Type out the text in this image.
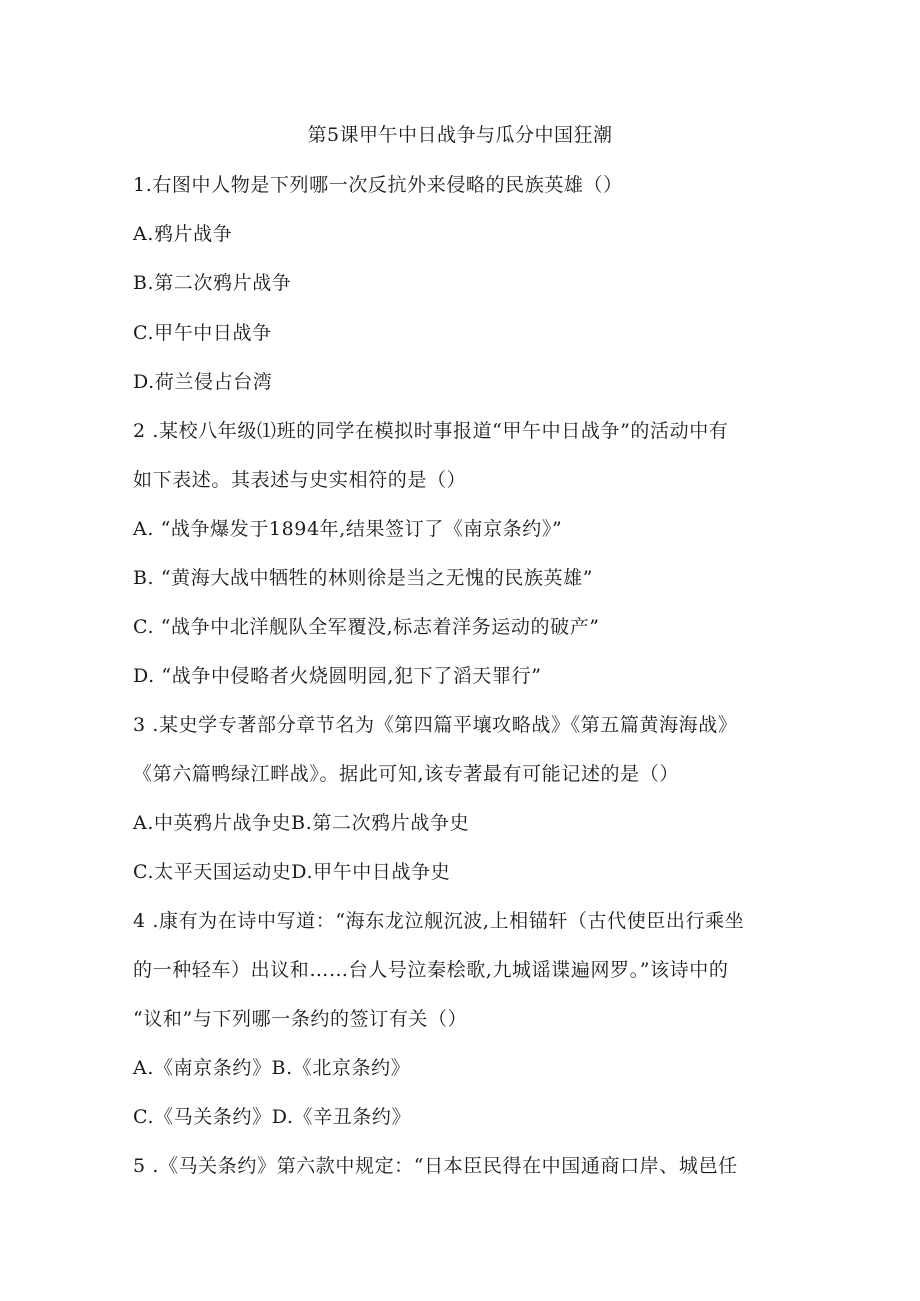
第5课甲午中日战争与瓜分中国狂潮
1.右图中人物是下列哪一次反抗外来侵略的民族英雄（）
A.鸦片战争
B.第二次鸦片战争
C.甲午中日战争
D.荷兰侵占台湾
2 .某校八年级⑴班的同学在模拟时事报道“甲午中日战争”的活动中有
如下表述。其表述与史实相符的是（）
A. “战争爆发于1894年,结果签订了《南京条约》”
B. “黄海大战中牺牲的林则徐是当之无愧的民族英雄”
C. “战争中北洋舰队全军覆没,标志着洋务运动的破产”
D. “战争中侵略者火烧圆明园,犯下了滔天罪行”
3 .某史学专著部分章节名为《第四篇平壤攻略战》《第五篇黄海海战》
《第六篇鸭绿江畔战》。据此可知,该专著最有可能记述的是（）
A.中英鸦片战争史B.第二次鸦片战争史
C.太平天国运动史D.甲午中日战争史
4 .康有为在诗中写道：“海东龙泣舰沉波,上相锚轩（古代使臣出行乘坐
的一种轻车）出议和……台人号泣秦桧歌,九城谣谍遍网罗。”该诗中的
“议和”与下列哪一条约的签订有关（）
A.《南京条约》B.《北京条约》
C.《马关条约》D.《辛丑条约》
5 .《马关条约》第六款中规定：“日本臣民得在中国通商口岸、城邑任
